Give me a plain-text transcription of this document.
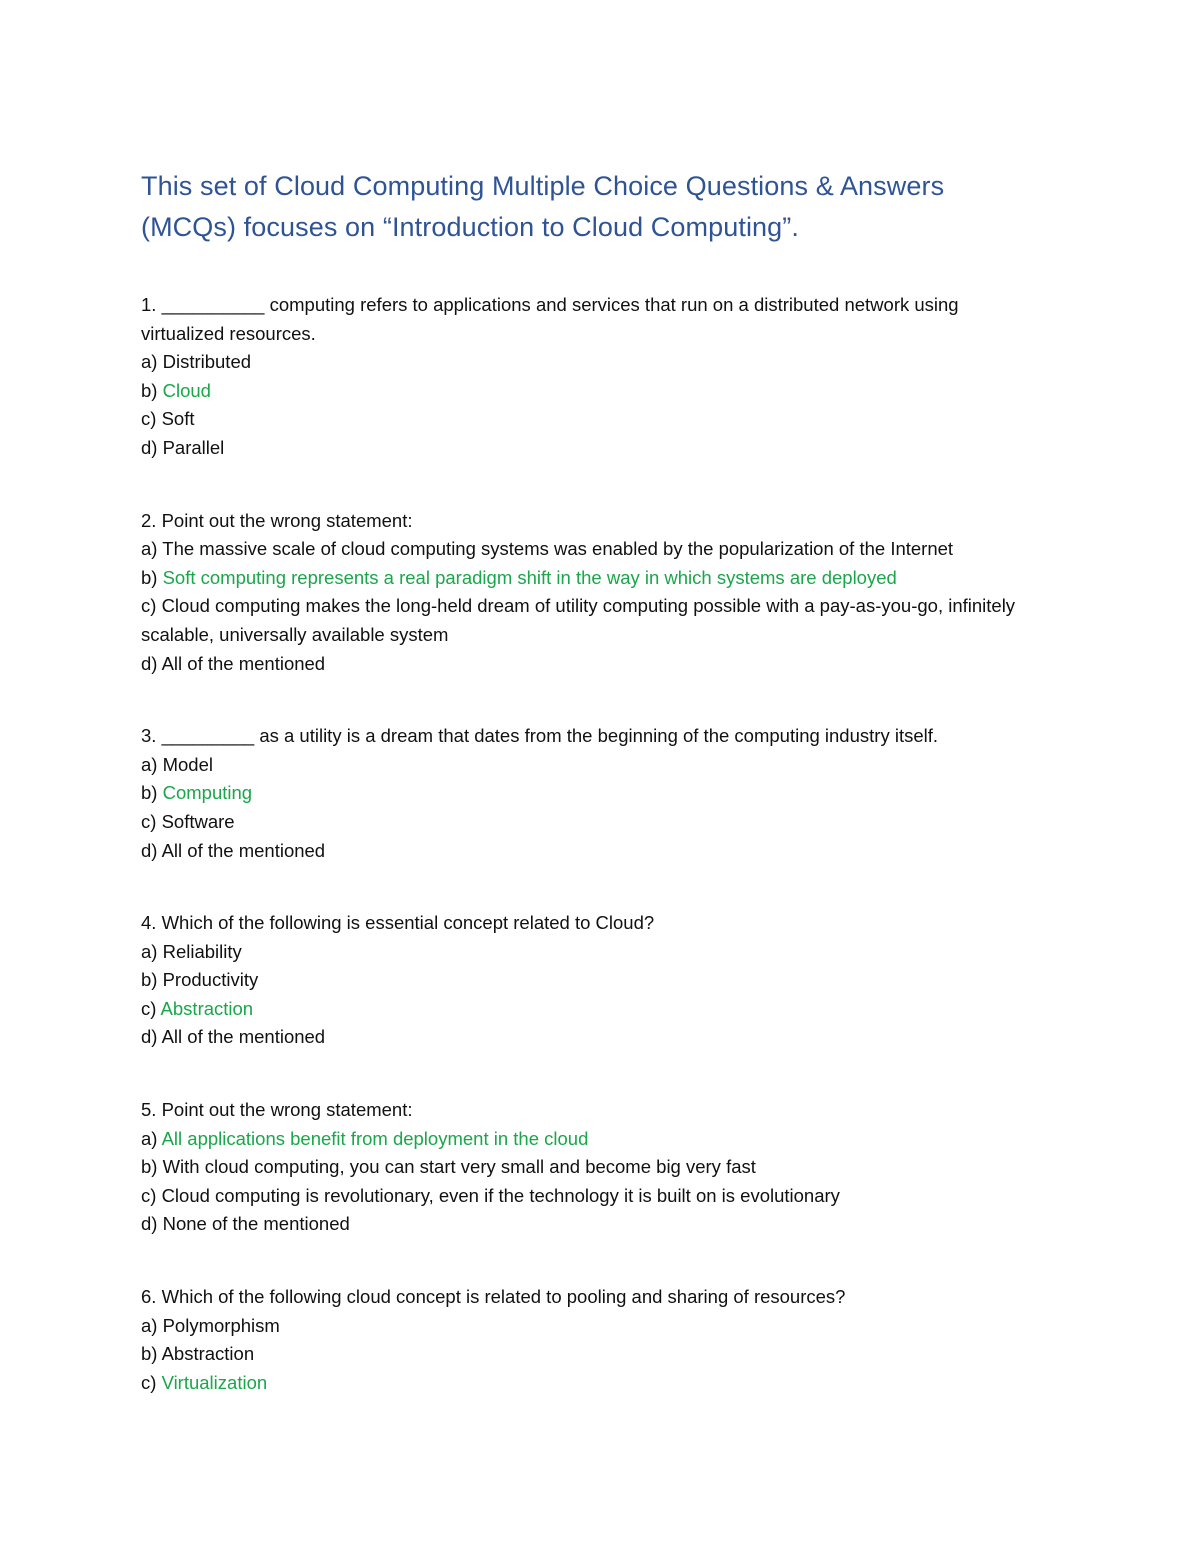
This set of Cloud Computing Multiple Choice Questions & Answers (MCQs) focuses on “Introduction to Cloud Computing”.

1. __________ computing refers to applications and services that run on a distributed network using virtualized resources.

a) Distributed

b) Cloud

c) Soft

d) Parallel

2. Point out the wrong statement:

a) The massive scale of cloud computing systems was enabled by the popularization of the Internet

b) Soft computing represents a real paradigm shift in the way in which systems are deployed

c) Cloud computing makes the long-held dream of utility computing possible with a pay-as-you-go, infinitely scalable, universally available system

d) All of the mentioned

3. _________ as a utility is a dream that dates from the beginning of the computing industry itself.

a) Model

b) Computing

c) Software

d) All of the mentioned

4. Which of the following is essential concept related to Cloud?

a) Reliability

b) Productivity

c) Abstraction

d) All of the mentioned

5. Point out the wrong statement:

a) All applications benefit from deployment in the cloud

b) With cloud computing, you can start very small and become big very fast

c) Cloud computing is revolutionary, even if the technology it is built on is evolutionary

d) None of the mentioned

6. Which of the following cloud concept is related to pooling and sharing of resources?

a) Polymorphism

b) Abstraction

c) Virtualization
